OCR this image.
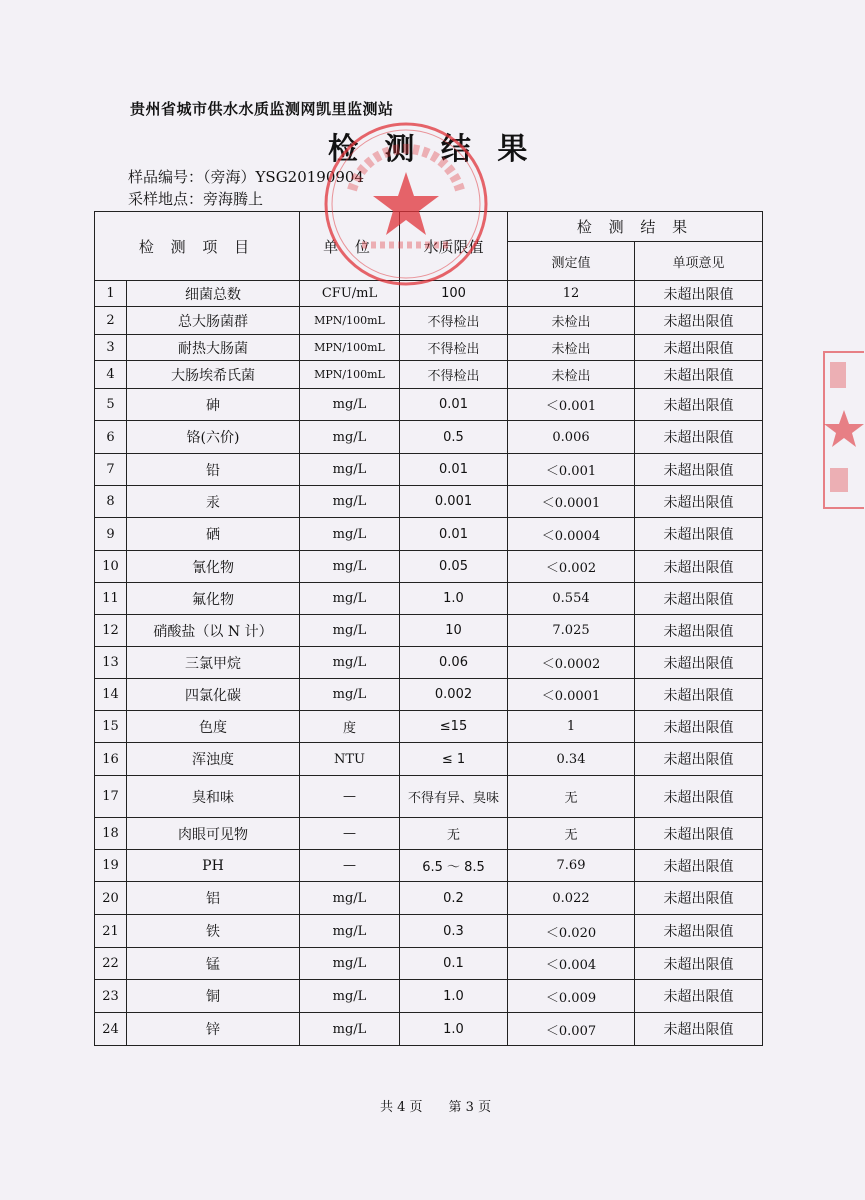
贵州省城市供水水质监测网凯里监测站
检 测 结 果
样品编号：（旁海）YSG20190904
采样地点：旁海腾上
检 测 项 目		单 位	水质限值	检 测 结 果	
				测定值	单项意见
1	细菌总数	CFU/mL	100	12	未超出限值
2	总大肠菌群	MPN/100mL	不得检出	未检出	未超出限值
3	耐热大肠菌	MPN/100mL	不得检出	未检出	未超出限值
4	大肠埃希氏菌	MPN/100mL	不得检出	未检出	未超出限值
5	砷	mg/L	0.01	＜0.001	未超出限值
6	铬(六价)	mg/L	0.5	0.006	未超出限值
7	铅	mg/L	0.01	＜0.001	未超出限值
8	汞	mg/L	0.001	＜0.0001	未超出限值
9	硒	mg/L	0.01	＜0.0004	未超出限值
10	氰化物	mg/L	0.05	＜0.002	未超出限值
11	氟化物	mg/L	1.0	0.554	未超出限值
12	硝酸盐（以 N 计）	mg/L	10	7.025	未超出限值
13	三氯甲烷	mg/L	0.06	＜0.0002	未超出限值
14	四氯化碳	mg/L	0.002	＜0.0001	未超出限值
15	色度	度	≤15	1	未超出限值
16	浑浊度	NTU	≤ 1	0.34	未超出限值
17	臭和味	—	不得有异、臭味	无	未超出限值
18	肉眼可见物	—	无	无	未超出限值
19	PH	—	6.5 ～ 8.5	7.69	未超出限值
20	铝	mg/L	0.2	0.022	未超出限值
21	铁	mg/L	0.3	＜0.020	未超出限值
22	锰	mg/L	0.1	＜0.004	未超出限值
23	铜	mg/L	1.0	＜0.009	未超出限值
24	锌	mg/L	1.0	＜0.007	未超出限值
共 4 页 第 3 页
